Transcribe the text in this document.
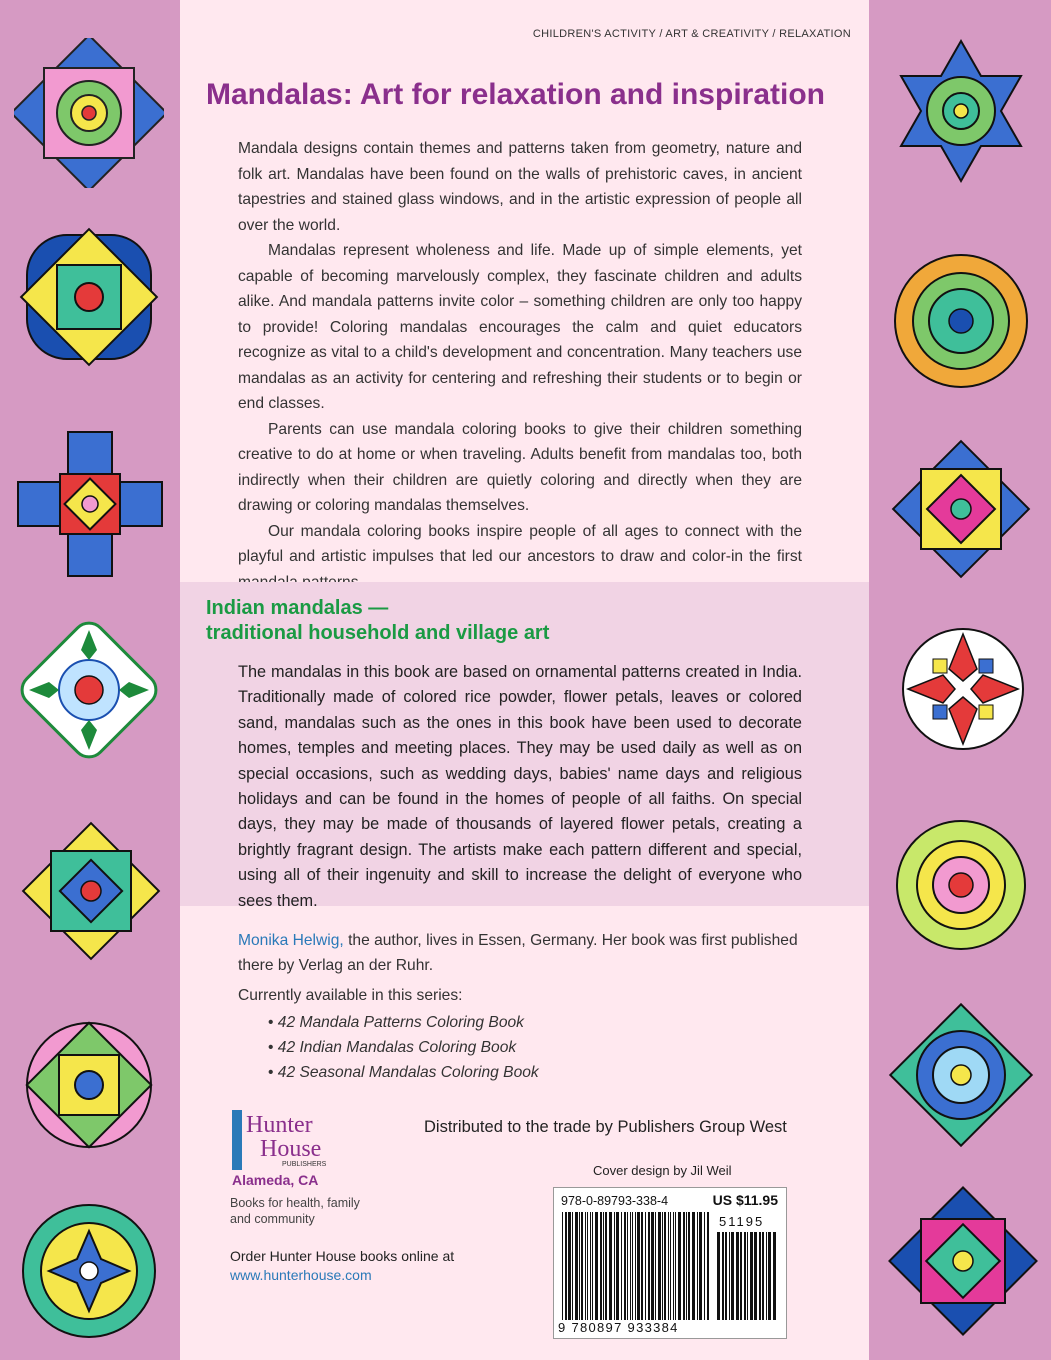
CHILDREN'S ACTIVITY / ART & CREATIVITY / RELAXATION
Mandalas: Art for relaxation and inspiration

Mandala designs contain themes and patterns taken from geometry, nature and folk art. Mandalas have been found on the walls of prehistoric caves, in ancient tapestries and stained glass windows, and in the artistic expression of people all over the world.

Mandalas represent wholeness and life. Made up of simple elements, yet capable of becoming marvelously complex, they fascinate children and adults alike. And mandala patterns invite color – something children are only too happy to provide! Coloring mandalas encourages the calm and quiet educators recognize as vital to a child's development and concentration. Many teachers use mandalas as an activity for centering and refreshing their students or to begin or end classes.

Parents can use mandala coloring books to give their children something creative to do at home or when traveling. Adults benefit from mandalas too, both indirectly when their children are quietly coloring and directly when they are drawing or coloring mandalas themselves.

Our mandala coloring books inspire people of all ages to connect with the playful and artistic impulses that led our ancestors to draw and color-in the first

Indian mandalas —
traditional household and village art

The mandalas in this book are based on ornamental patterns created in India. Traditionally made of colored rice powder, flower petals, leaves or colored sand, mandalas such as the ones in this book have been used to decorate homes, temples and meeting places. They may be used daily as well as on special occasions, such as wedding days, babies' name days and religious holidays and can be found in the homes of people of all faiths. On special days, they may be made of thousands of layered flower petals, creating a brightly fragrant design. The artists make each pattern different and special, using all of their ingenuity and skill to increase the delight of everyone who sees them.

Monika Helwig, the author, lives in Essen, Germany. Her book was first published there by Verlag an der Ruhr.

Currently available in this series:
• 42 Mandala Patterns Coloring Book
• 42 Indian Mandalas Coloring Book
• 42 Seasonal Mandalas Coloring Book
Hunter
House
PUBLISHERS
Alameda, CA
Books for health, family and community
Order Hunter House books online at www.hunterhouse.com
Distributed to the trade by Publishers Group West
Cover design by Jil Weil
978-0-89793-338-4	US $11.95
51195
9 780897 933384
